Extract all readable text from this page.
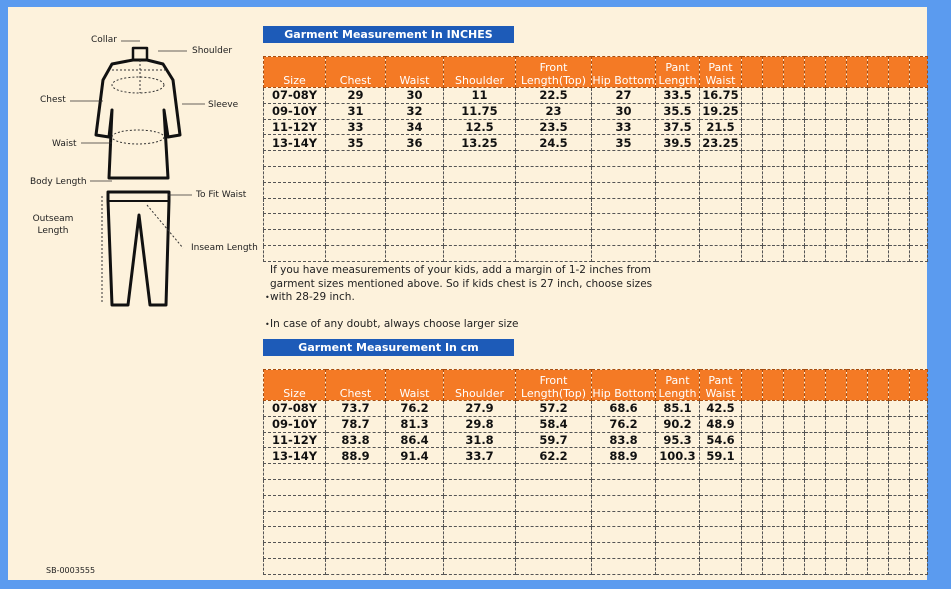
Collar
Shoulder
Chest	Sleeve
Waist
Body Length
To Fit Waist
Outseam Length
Inseam Length
Garment Measurement In INCHES
Size	Chest	Waist	Shoulder	Front Length(Top)	Hip Bottom	Pant Length	Pant Waist									
07-08Y	29	30	11	22.5	27	33.5	16.75									
09-10Y	31	32	11.75	23	30	35.5	19.25									
11-12Y	33	34	12.5	23.5	33	37.5	21.5									
13-14Y	35	36	13.25	24.5	35	39.5	23.25									

If you have measurements of your kids, add a margin of 1-2 inches from garment sizes mentioned above. So if kids chest is 27 inch, choose sizes with 28-29 inch.
•
In case of any doubt, always choose larger size
•
Garment Measurement In cm
Size	Chest	Waist	Shoulder	Front Length(Top)	Hip Bottom	Pant Length	Pant Waist									
07-08Y	73.7	76.2	27.9	57.2	68.6	85.1	42.5									
09-10Y	78.7	81.3	29.8	58.4	76.2	90.2	48.9									
11-12Y	83.8	86.4	31.8	59.7	83.8	95.3	54.6									
13-14Y	88.9	91.4	33.7	62.2	88.9	100.3	59.1									

SB-0003555
